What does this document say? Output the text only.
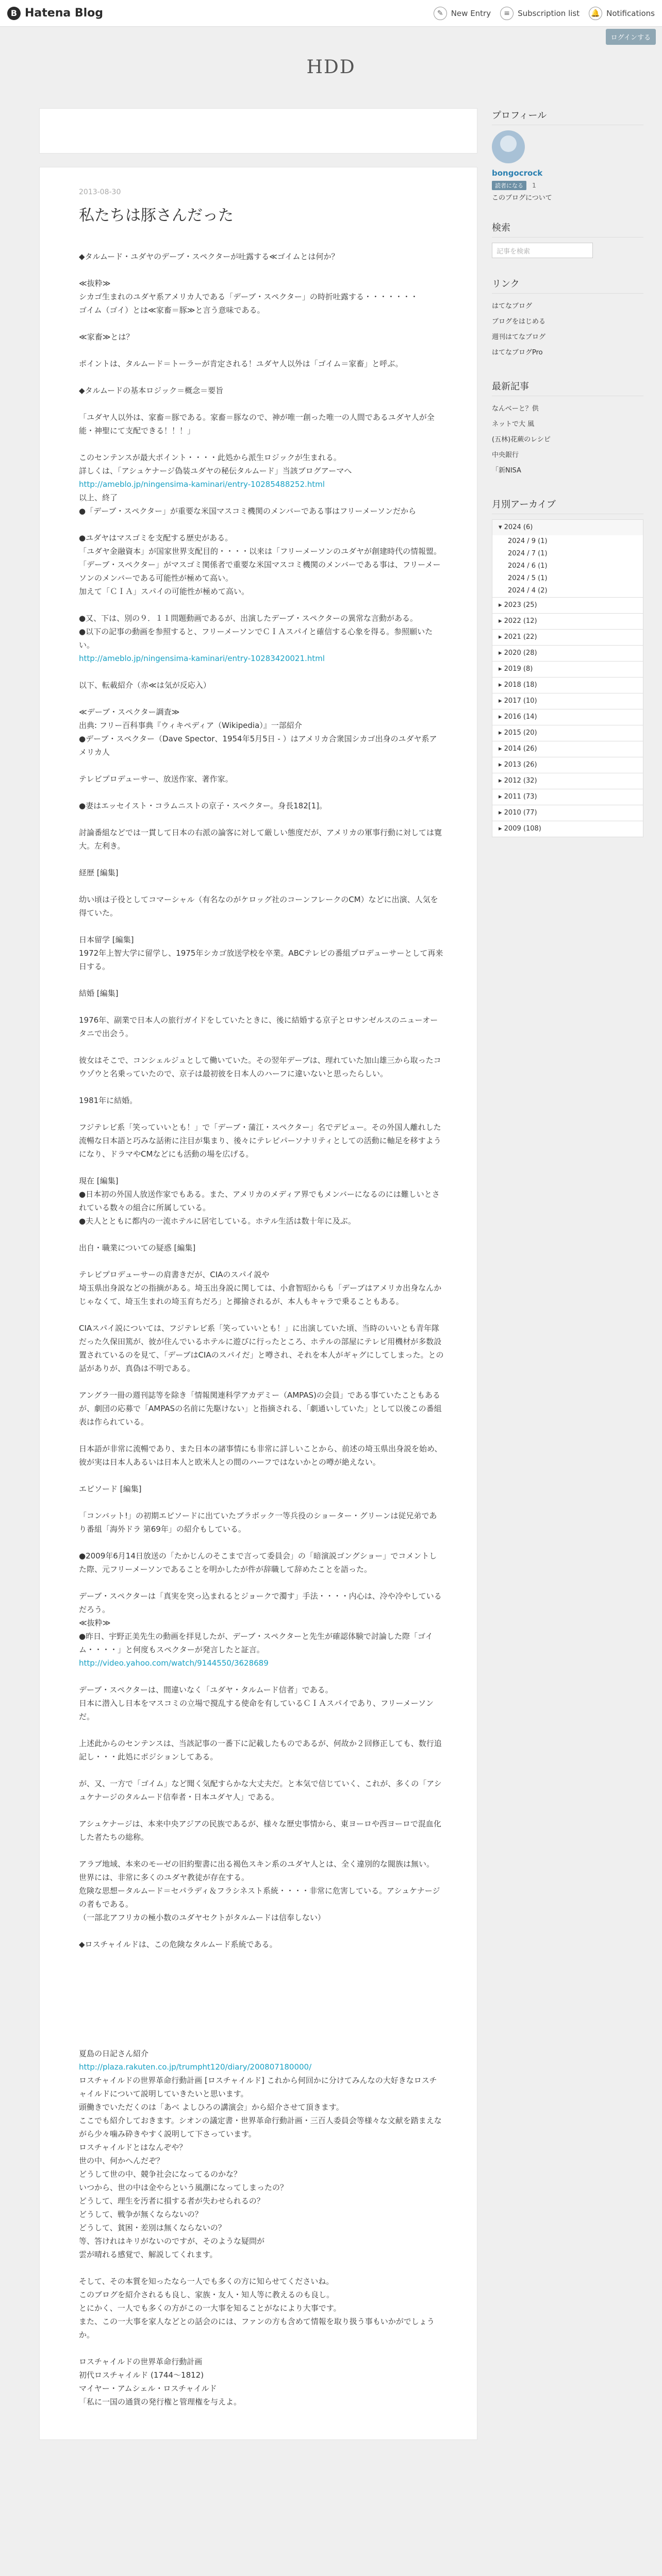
B Hatena Blog	✎	New Entry	≡	Subscription list	🔔 Notifications
ログインする
HDD
2013-08-30
私たちは豚さんだった

◆タルムード・ユダヤのデーブ・スペクターが吐露する≪ゴイムとは何か？

≪抜粋≫

シカゴ生まれのユダヤ系アメリカ人である「デーブ・スペクター」の時折吐露する・・・・・・・

ゴイム（ゴイ）とは≪家畜＝豚≫と言う意味である。

≪家畜≫とは？

ポイントは、タルムード＝トーラーが肯定される！ユダヤ人以外は「ゴイム＝家畜」と呼ぶ。

◆タルムードの基本ロジック＝概念＝要旨

「ユダヤ人以外は、家畜＝豚である。家畜＝豚なので、神が唯一創った唯一の人間であるユダヤ人が全能・神聖にて支配できる！！！」

このセンテンスが最大ポイント・・・・此処から派生ロジックが生まれる。

詳しくは、「アシュケナージ偽装ユダヤの秘伝タルムード」当該ブログアーマへ

http://ameblo.jp/ningensima-kaminari/entry-10285488252.html

以上、終了

●「デーブ・スペクター」が重要な米国マスコミ機関のメンバーである事はフリーメーソンだから

●ユダヤはマスゴミを支配する歴史がある。

「ユダヤ金融資本」が国家世界支配目的・・・・以来は「フリーメーソンのユダヤが創建時代の情報盟。

「デーブ・スペクター」がマスゴミ関係者で重要な米国マスコミ機関のメンバーである事は、フリーメーソンのメンバーである可能性が極めて高い。

加えて「ＣＩＡ」スパイの可能性が極めて高い。

●又、下は、別の９．１１問題動画であるが、出演したデーブ・スペクターの異常な言動がある。

●以下の記事の動画を参照すると、フリーメーソンでＣＩＡスパイと確信する心象を得る。参照願いたい。

http://ameblo.jp/ningensima-kaminari/entry-10283420021.html

以下、転載紹介（赤≪は気が反応入）

≪デーブ・スペクター調査≫

出典: フリー百科事典『ウィキペディア（Wikipedia）』一部紹介

●デーブ・スペクター（Dave Spector、1954年5月5日 - ）はアメリカ合衆国シカゴ出身のユダヤ系アメリカ人

テレビプロデューサー、放送作家、著作家。

●妻はエッセイスト・コラムニストの京子・スペクター。身長182[1]。

討論番組などでは一貫して日本の右派の論客に対して厳しい態度だが、アメリカの軍事行動に対しては寛大。左利き。

経歴 [編集]

幼い頃は子役としてコマーシャル（有名なのがケロッグ社のコーンフレークのCM）などに出演、人気を得ていた。

日本留学 [編集]

1972年上智大学に留学し、1975年シカゴ放送学校を卒業。ABCテレビの番組プロデューサーとして再来日する。

結婚 [編集]

1976年、副業で日本人の旅行ガイドをしていたときに、後に結婚する京子とロサンゼルスのニューオータニで出会う。

彼女はそこで、コンシェルジュとして働いていた。その翌年デーブは、理れていた加山雄三から取ったコウゾウと名乗っていたので、京子は最初彼を日本人のハーフに違いないと思ったらしい。

1981年に結婚。

フジテレビ系「笑っていいとも！」で「デーブ・蒲江・スペクター」名でデビュー。その外国人離れした流暢な日本語と巧みな話術に注目が集まり、後々にテレビパーソナリティとしての活動に軸足を移すようになり、ドラマやCMなどにも活動の場を広げる。

現在 [編集]

●日本初の外国人放送作家でもある。また、アメリカのメディア界でもメンバーになるのには難しいとされている数々の組合に所属している。

●夫人とともに都内の一流ホテルに居宅している。ホテル生活は数十年に及ぶ。

出自・職業についての疑惑 [編集]

テレビプロデューサーの肩書きだが、CIAのスパイ説や

埼玉県出身説などの指摘がある。埼玉出身説に関しては、小倉智昭からも「デーブはアメリカ出身なんかじゃなくて、埼玉生まれの埼玉育ちだろ」と揶揄されるが、本人もキャラで乗ることもある。

CIAスパイ説については、フジテレビ系「笑っていいとも！」に出演していた頃、当時のいいとも青年隊だった久保田篤が、彼が住んでいるホテルに遊びに行ったところ、ホテルの部屋にテレビ用機材が多数設置されているのを見て、「デーブはCIAのスパイだ」と噂され、それを本人がギャグにしてしまった。との話がありが、真偽は不明である。

アングラ一冊の週刊誌等を除き「情報関連科学アカデミー（AMPAS)の会員」である事ていたこともあるが、劇団の応募で「AMPASの名前に先駆けない」と指摘される、「劇通いしていた」として以後この番組表は作られている。

日本語が非常に流暢であり、また日本の諸事情にも非常に詳しいことから、前述の埼玉県出身説を始め、彼が実は日本人あるいは日本人と欧米人との間のハーフではないかとの噂が絶えない。

エピソード [編集]

「コンバット!」の初期エピソードに出ていたブラボック一等兵役のショーター・グリーンは従兄弟であり番組「海外ドラ 第69年」の紹介もしている。

●2009年6月14日放送の「たかじんのそこまで言って委員会」の「暗演説ゴングショー」でコメントした際、元フリーメーソンであることを明かしたが件が辞職して辞めたことを語った。

デーブ・スペクターは「真実を突っ込まれるとジョークで濁す」手法・・・・内心は、冷や冷やしているだろう。

≪抜粋≫

●昨日、宇野正美先生の動画を拝見したが、デーブ・スペクターと先生が確認体験で討論した際「ゴイム・・・・」と何度もスペクターが発言したと証言。

http://video.yahoo.com/watch/9144550/3628689

デーブ・スペクターは、間違いなく「ユダヤ・タルムード信者」である。

日本に潜入し日本をマスコミの立場で撹乱する使命を有しているＣＩＡスパイであり、フリーメーソンだ。

上述此からのセンテンスは、当該記事の一番下に記載したものであるが、何故か２回修正しても、数行追記し・・・此処にポジションしてある。

が、又、一方で「ゴイム」など聞く気配すらかな大丈夫だ。と本気で信じていく、これが、多くの「アシュケナージのタルムード信奉者・日本ユダヤ人」である。

アシュケナージは、本来中央アジアの民族であるが、様々な歴史事情から、東ヨーロや西ヨーロで混血化した者たちの総称。

アラブ地域、本来のモーゼの旧約聖書に出る褐色スキン系のユダヤ人とは、全く違別的な閥族は無い。

世界には、非常に多くのユダヤ教徒が存在する。

危険な思想ータルムード＝セパラディ＆フラシネスト系統・・・・非常に危害している。アシュケナージの者もである。

（一部北アフリカの極小数のユダヤセクトがタルムードは信奉しない）

◆ロスチャイルドは、この危険なタルムード系統である。

夏島の日記さん紹介

http://plaza.rakuten.co.jp/trumpht120/diary/200807180000/

ロスチャイルドの世界革命行動計画 [ロスチャイルド] これから何回かに分けてみんなの大好きなロスチャイルドについて説明していきたいと思います。

頭働きでいただくのは「あべ よしひろの講演会」から紹介させて頂きます。

ここでも紹介しておきます。シオンの議定書・世界革命行動計画・三百人委員会等様々な文献を踏まえながら少々噛み砕きやすく説明して下さっています。

ロスチャイルドとはなんぞや？

世の中、何かへんだぞ？

どうして世の中、競争社会になってるのかな？

いつから、世の中は金やらという風潮になってしまったの？

どうして、理生を汚者に損する者が失わせられるの？

どうして、戦争が無くならないの？

どうして、貧困・差別は無くならないの？

等、答けれはキリがないのですが、そのような疑問が

雲が晴れる感覚で、解説してくれます。

そして、その本質を知ったなら一人でも多くの方に知らせてくださいね。

このブログを紹介されるも良し、家族・友人・知人等に教えるのも良し。

とにかく、一人でも多くの方がこの一大事を知ることがなにより大事です。

また、この一大事を家人などとの話会のには、ファンの方も含めて情報を取り扱う事もいかがでしょうか。

ロスチャイルドの世界革命行動計画

初代ロスチャイルド (1744〜1812)

マイヤー・アムシェル・ロスチャイルド

「私に一国の通貨の発行権と管理権を与えよ。

プロフィール
bongocrock
読者になる 1
このブログについて
検索
記事を検索
リンク
はてなブログ
ブログをはじめる
週刊はてなブログ
はてなブログPro
最新記事
なんべーと？供
ネットで大 風
(五林)花蕨のレシピ
中央銀行
「新NISA
月別アーカイブ
▾ 2024 (6)
2024 / 9 (1)
2024 / 7 (1)
2024 / 6 (1)
2024 / 5 (1)
2024 / 4 (2)
▸ 2023 (25)
▸ 2022 (12)
▸ 2021 (22)
▸ 2020 (28)
▸ 2019 (8)
▸ 2018 (18)
▸ 2017 (10)
▸ 2016 (14)
▸ 2015 (20)
▸ 2014 (26)
▸ 2013 (26)
▸ 2012 (32)
▸ 2011 (73)
▸ 2010 (77)
▸ 2009 (108)
